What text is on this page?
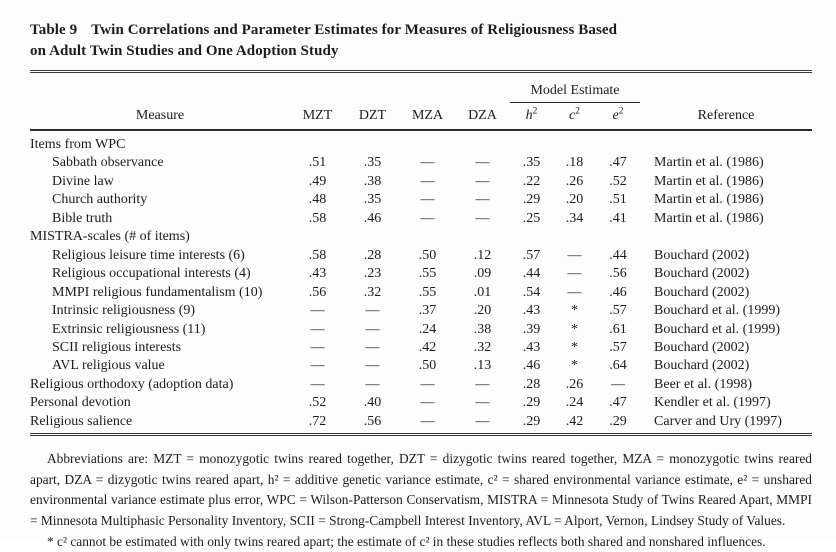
Table 9 Twin Correlations and Parameter Estimates for Measures of Religiousness Based
on Adult Twin Studies and One Adoption Study
					Model Estimate			
Measure	MZT	DZT	MZA	DZA	$h^2$	$c^2$	$e^2$	Reference
Items from WPC								
Sabbath observance	.51	.35	—	—	.35	.18	.47	Martin et al. (1986)
Divine law	.49	.38	—	—	.22	.26	.52	Martin et al. (1986)
Church authority	.48	.35	—	—	.29	.20	.51	Martin et al. (1986)
Bible truth	.58	.46	—	—	.25	.34	.41	Martin et al. (1986)
MISTRA-scales (# of items)								
Religious leisure time interests (6)	.58	.28	.50	.12	.57	—	.44	Bouchard (2002)
Religious occupational interests (4)	.43	.23	.55	.09	.44	—	.56	Bouchard (2002)
MMPI religious fundamentalism (10)	.56	.32	.55	.01	.54	—	.46	Bouchard (2002)
Intrinsic religiousness (9)	—	—	.37	.20	.43	*	.57	Bouchard et al. (1999)
Extrinsic religiousness (11)	—	—	.24	.38	.39	*	.61	Bouchard et al. (1999)
SCII religious interests	—	—	.42	.32	.43	*	.57	Bouchard (2002)
AVL religious value	—	—	.50	.13	.46	*	.64	Bouchard (2002)
Religious orthodoxy (adoption data)	—	—	—	—	.28	.26	—	Beer et al. (1998)
Personal devotion	.52	.40	—	—	.29	.24	.47	Kendler et al. (1997)
Religious salience	.72	.56	—	—	.29	.42	.29	Carver and Ury (1997)

Abbreviations are: MZT = monozygotic twins reared together, DZT = dizygotic twins reared together, MZA = monozygotic twins reared apart, DZA = dizygotic twins reared apart, h² = additive genetic variance estimate, c² = shared environmental variance estimate, e² = unshared environmental variance estimate plus error, WPC = Wilson-Patterson Conservatism, MISTRA = Minnesota Study of Twins Reared Apart, MMPI = Minnesota Multiphasic Personality Inventory, SCII = Strong-Campbell Interest Inventory, AVL = Alport, Vernon, Lindsey Study of Values.

* c² cannot be estimated with only twins reared apart; the estimate of c² in these studies reflects both shared and nonshared influences.
